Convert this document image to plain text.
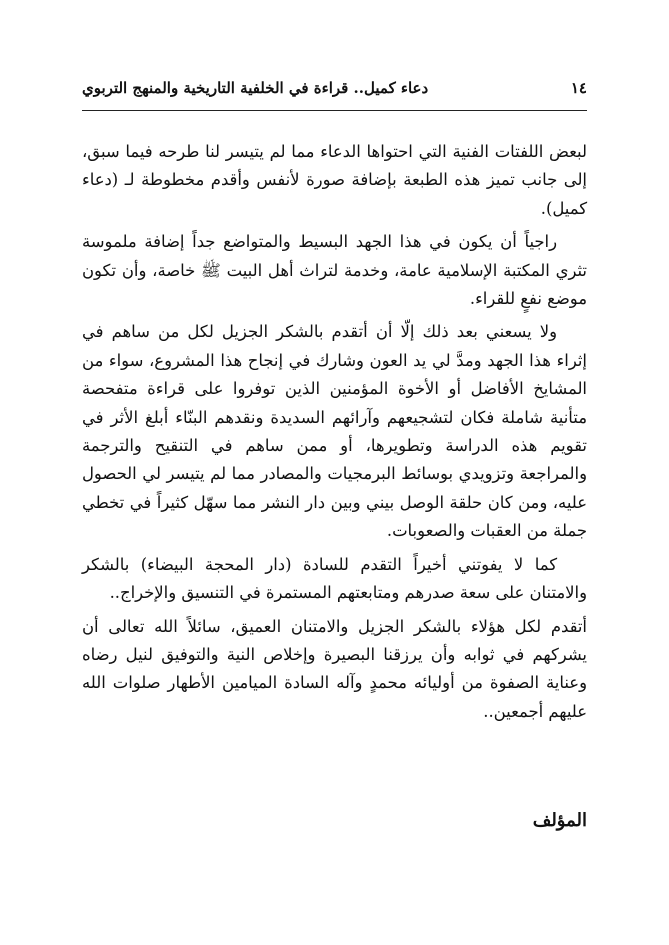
١٤
دعاء كميل.. قراءة في الخلفية التاريخية والمنهج التربوي

لبعض اللفتات الفنية التي احتواها الدعاء مما لم يتيسر لنا طرحه فيما سبق، إلى جانب تميز هذه الطبعة بإضافة صورة لأنفس وأقدم مخطوطة لـ (دعاء كميل).

راجياً أن يكون في هذا الجهد البسيط والمتواضع جداً إضافة ملموسة تثري المكتبة الإسلامية عامة، وخدمة لتراث أهل البيت ﷺ خاصة، وأن تكون موضع نفعٍ للقراء.

ولا يسعني بعد ذلك إلّا أن أتقدم بالشكر الجزيل لكل من ساهم في إثراء هذا الجهد ومدَّ لي يد العون وشارك في إنجاح هذا المشروع، سواء من المشايخ الأفاضل أو الأخوة المؤمنين الذين توفروا على قراءة متفحصة متأنية شاملة فكان لتشجيعهم وآرائهم السديدة ونقدهم البنّاء أبلغ الأثر في تقويم هذه الدراسة وتطويرها، أو ممن ساهم في التنقيح والترجمة والمراجعة وتزويدي بوسائط البرمجيات والمصادر مما لم يتيسر لي الحصول عليه، ومن كان حلقة الوصل بيني وبين دار النشر مما سهّل كثيراً في تخطي جملة من العقبات والصعوبات.

كما لا يفوتني أخيراً التقدم للسادة (دار المحجة البيضاء) بالشكر والامتنان على سعة صدرهم ومتابعتهم المستمرة في التنسيق والإخراج..

أتقدم لكل هؤلاء بالشكر الجزيل والامتنان العميق، سائلاً الله تعالى أن يشركهم في ثوابه وأن يرزقنا البصيرة وإخلاص النية والتوفيق لنيل رضاه وعناية الصفوة من أوليائه محمدٍ وآله السادة الميامين الأطهار صلوات الله عليهم أجمعين..

المؤلف
